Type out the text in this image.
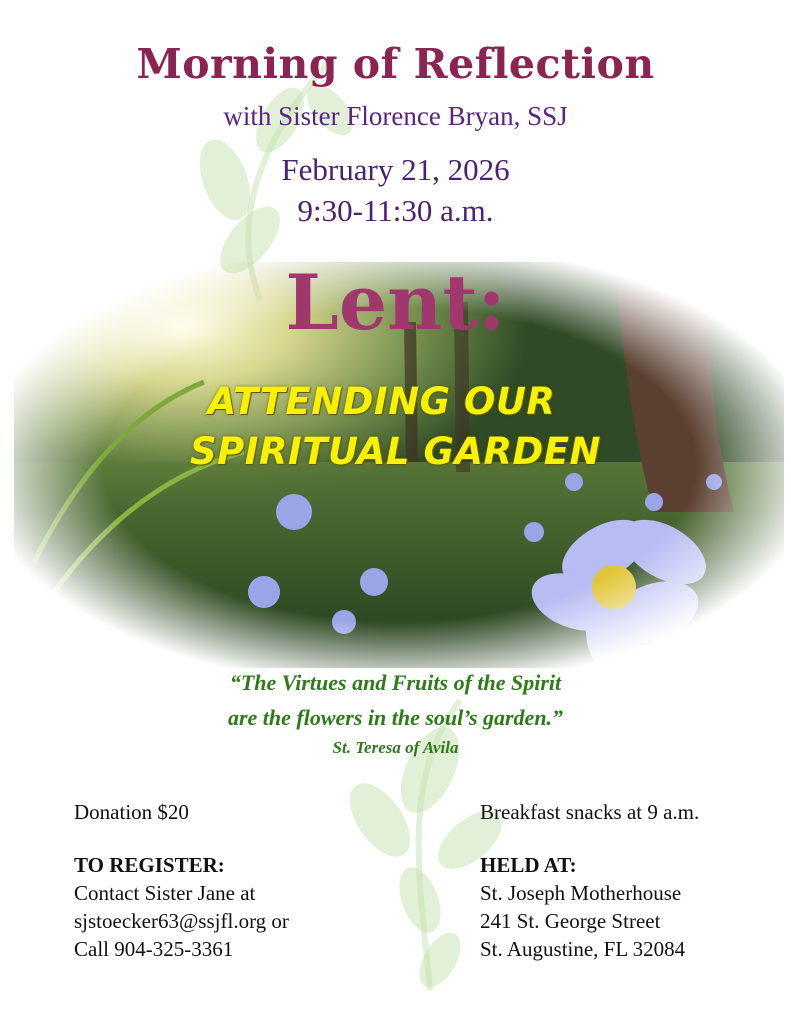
Morning of Reflection
with Sister Florence Bryan, SSJ
February 21, 2026
9:30-11:30 a.m.
Lent:
ATTENDING OUR
SPIRITUAL GARDEN
“The Virtues and Fruits of the Spirit
are the flowers in the soul’s garden.”
St. Teresa of Avila
Donation $20	Breakfast snacks at 9 a.m.
TO REGISTER:
Contact Sister Jane at
sjstoecker63@ssjfl.org or
Call 904-325-3361
HELD AT:
St. Joseph Motherhouse
241 St. George Street
St. Augustine, FL 32084
